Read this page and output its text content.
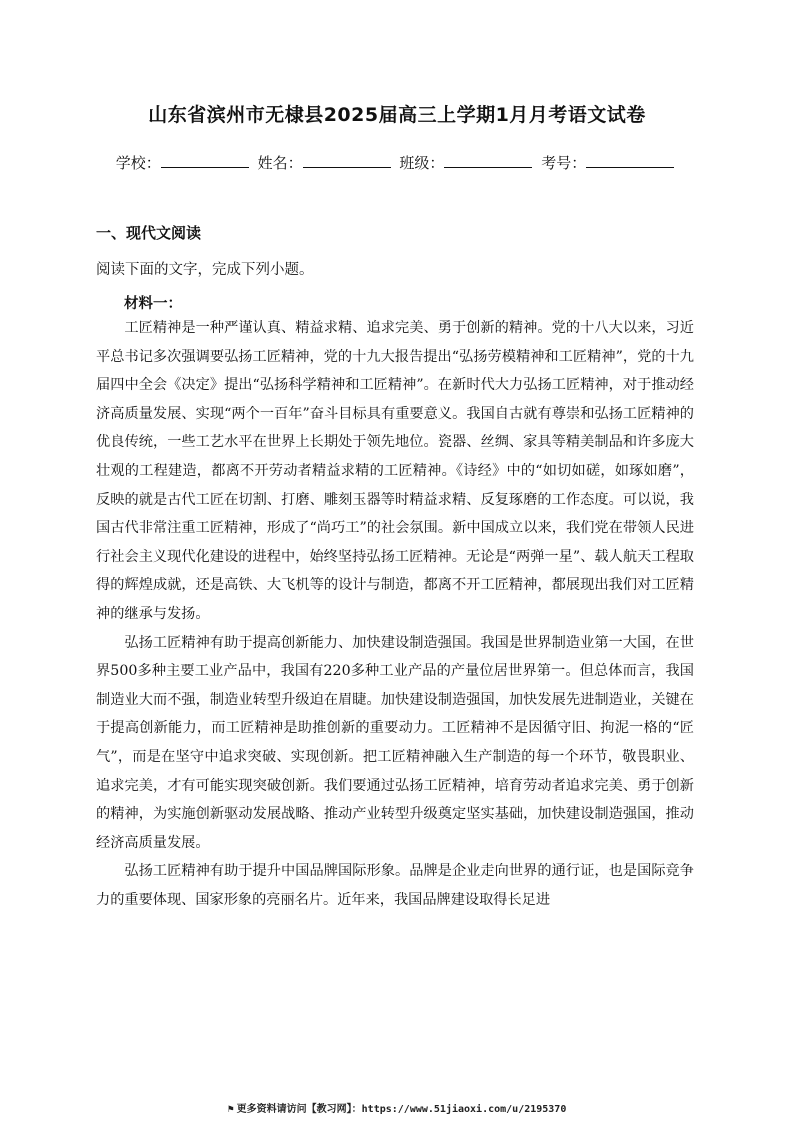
山东省滨州市无棣县2025届高三上学期1月月考语文试卷
学校：	姓名：	班级：	考号：
一、现代文阅读
阅读下面的文字，完成下列小题。
材料一：

工匠精神是一种严谨认真、精益求精、追求完美、勇于创新的精神。党的十八大以来，习近平总书记多次强调要弘扬工匠精神，党的十九大报告提出“弘扬劳模精神和工匠精神”，党的十九届四中全会《决定》提出“弘扬科学精神和工匠精神”。在新时代大力弘扬工匠精神，对于推动经济高质量发展、实现“两个一百年”奋斗目标具有重要意义。我国自古就有尊崇和弘扬工匠精神的优良传统，一些工艺水平在世界上长期处于领先地位。瓷器、丝绸、家具等精美制品和许多庞大壮观的工程建造，都离不开劳动者精益求精的工匠精神。《诗经》中的“如切如磋，如琢如磨”，反映的就是古代工匠在切割、打磨、雕刻玉器等时精益求精、反复琢磨的工作态度。可以说，我国古代非常注重工匠精神，形成了“尚巧工”的社会氛围。新中国成立以来，我们党在带领人民进行社会主义现代化建设的进程中，始终坚持弘扬工匠精神。无论是“两弹一星”、载人航天工程取得的辉煌成就，还是高铁、大飞机等的设计与制造，都离不开工匠精神，都展现出我们对工匠精神的继承与发扬。

弘扬工匠精神有助于提高创新能力、加快建设制造强国。我国是世界制造业第一大国，在世界500多种主要工业产品中，我国有220多种工业产品的产量位居世界第一。但总体而言，我国制造业大而不强，制造业转型升级迫在眉睫。加快建设制造强国，加快发展先进制造业，关键在于提高创新能力，而工匠精神是助推创新的重要动力。工匠精神不是因循守旧、拘泥一格的“匠气”，而是在坚守中追求突破、实现创新。把工匠精神融入生产制造的每一个环节，敬畏职业、追求完美，才有可能实现突破创新。我们要通过弘扬工匠精神，培育劳动者追求完美、勇于创新的精神，为实施创新驱动发展战略、推动产业转型升级奠定坚实基础，加快建设制造强国，推动经济高质量发展。

弘扬工匠精神有助于提升中国品牌国际形象。品牌是企业走向世界的通行证，也是国际竞争力的重要体现、国家形象的亮丽名片。近年来，我国品牌建设取得长足进

⚑ 更多资料请访问【教习网】：https://www.51jiaoxi.com/u/2195370
